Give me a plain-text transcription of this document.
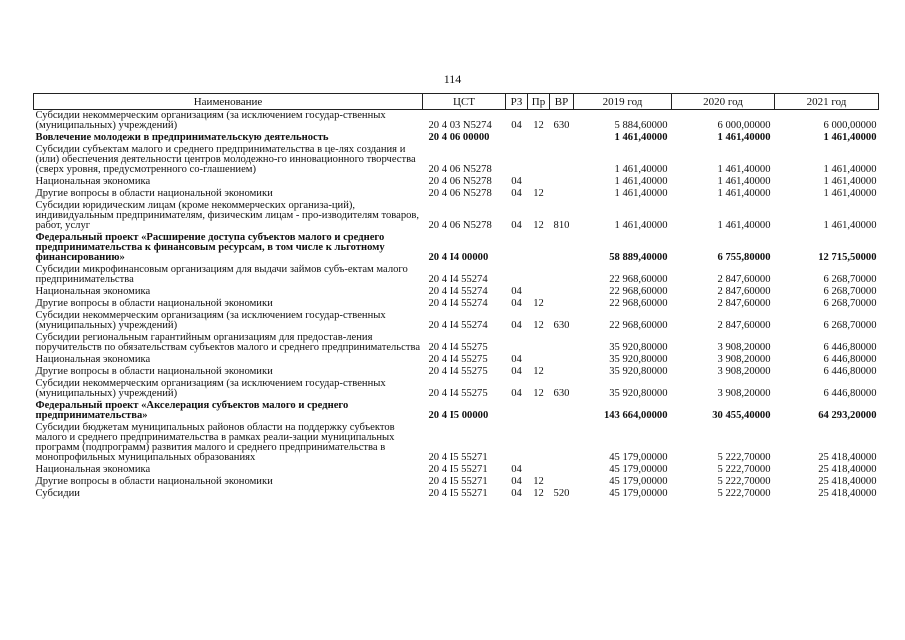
114
Наименование	ЦСТ	РЗ	Пр	ВР	2019 год	2020 год	2021 год
Субсидии некоммерческим организациям (за исключением государ-ственных (муниципальных) учреждений)	20 4 03 N5274	04	12	630	5 884,60000	6 000,00000	6 000,00000
Вовлечение молодежи в предпринимательскую деятельность	20 4 06 00000				1 461,40000	1 461,40000	1 461,40000
Субсидии субъектам малого и среднего предпринимательства в це-лях создания и (или) обеспечения деятельности центров молодежно-го инновационного творчества (сверх уровня, предусмотренного со-глашением)	20 4 06 N5278				1 461,40000	1 461,40000	1 461,40000
Национальная экономика	20 4 06 N5278	04			1 461,40000	1 461,40000	1 461,40000
Другие вопросы в области национальной экономики	20 4 06 N5278	04	12		1 461,40000	1 461,40000	1 461,40000
Субсидии юридическим лицам (кроме некоммерческих организа-ций), индивидуальным предпринимателям, физическим лицам - про-изводителям товаров, работ, услуг	20 4 06 N5278	04	12	810	1 461,40000	1 461,40000	1 461,40000
Федеральный проект «Расширение доступа субъектов малого и среднего предпринимательства к финансовым ресурсам, в том числе к льготному финансированию»	20 4 I4 00000				58 889,40000	6 755,80000	12 715,50000
Субсидии микрофинансовым организациям для выдачи займов субъ-ектам малого предпринимательства	20 4 I4 55274				22 968,60000	2 847,60000	6 268,70000
Национальная экономика	20 4 I4 55274	04			22 968,60000	2 847,60000	6 268,70000
Другие вопросы в области национальной экономики	20 4 I4 55274	04	12		22 968,60000	2 847,60000	6 268,70000
Субсидии некоммерческим организациям (за исключением государ-ственных (муниципальных) учреждений)	20 4 I4 55274	04	12	630	22 968,60000	2 847,60000	6 268,70000
Субсидии региональным гарантийным организациям для предостав-ления поручительств по обязательствам субъектов малого и среднего предпринимательства	20 4 I4 55275				35 920,80000	3 908,20000	6 446,80000
Национальная экономика	20 4 I4 55275	04			35 920,80000	3 908,20000	6 446,80000
Другие вопросы в области национальной экономики	20 4 I4 55275	04	12		35 920,80000	3 908,20000	6 446,80000
Субсидии некоммерческим организациям (за исключением государ-ственных (муниципальных) учреждений)	20 4 I4 55275	04	12	630	35 920,80000	3 908,20000	6 446,80000
Федеральный проект «Акселерация субъектов малого и среднего предпринимательства»	20 4 I5 00000				143 664,00000	30 455,40000	64 293,20000
Субсидии бюджетам муниципальных районов области на поддержку субъектов малого и среднего предпринимательства в рамках реали-зации муниципальных программ (подпрограмм) развития малого и среднего предпринимательства в монопрофильных муниципальных образованиях	20 4 I5 55271				45 179,00000	5 222,70000	25 418,40000
Национальная экономика	20 4 I5 55271	04			45 179,00000	5 222,70000	25 418,40000
Другие вопросы в области национальной экономики	20 4 I5 55271	04	12		45 179,00000	5 222,70000	25 418,40000
Субсидии	20 4 I5 55271	04	12	520	45 179,00000	5 222,70000	25 418,40000
